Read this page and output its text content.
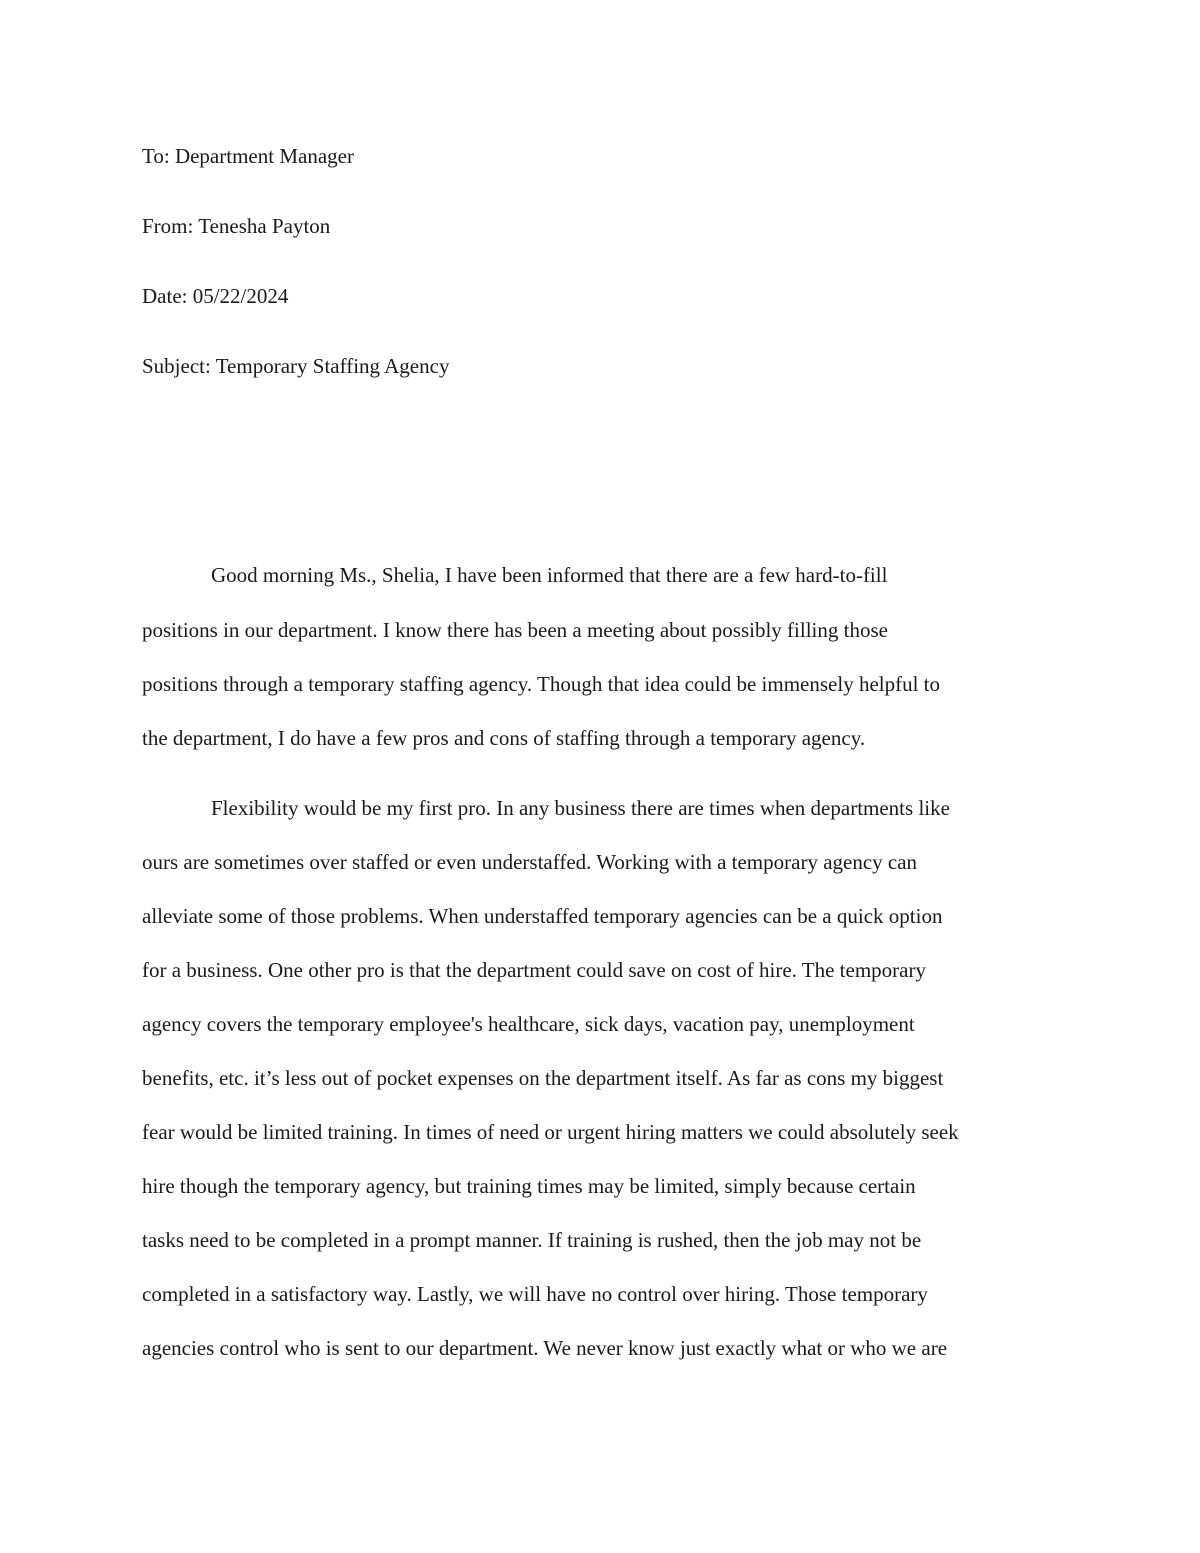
To: Department Manager
From: Tenesha Payton
Date: 05/22/2024
Subject: Temporary Staffing Agency
Good morning Ms., Shelia, I have been informed that there are a few hard-to-fill
positions in our department. I know there has been a meeting about possibly filling those
positions through a temporary staffing agency. Though that idea could be immensely helpful to
the department, I do have a few pros and cons of staffing through a temporary agency.
Flexibility would be my first pro. In any business there are times when departments like
ours are sometimes over staffed or even understaffed. Working with a temporary agency can
alleviate some of those problems. When understaffed temporary agencies can be a quick option
for a business. One other pro is that the department could save on cost of hire. The temporary
agency covers the temporary employee's healthcare, sick days, vacation pay, unemployment
benefits, etc. it’s less out of pocket expenses on the department itself. As far as cons my biggest
fear would be limited training. In times of need or urgent hiring matters we could absolutely seek
hire though the temporary agency, but training times may be limited, simply because certain
tasks need to be completed in a prompt manner. If training is rushed, then the job may not be
completed in a satisfactory way. Lastly, we will have no control over hiring. Those temporary
agencies control who is sent to our department. We never know just exactly what or who we are
